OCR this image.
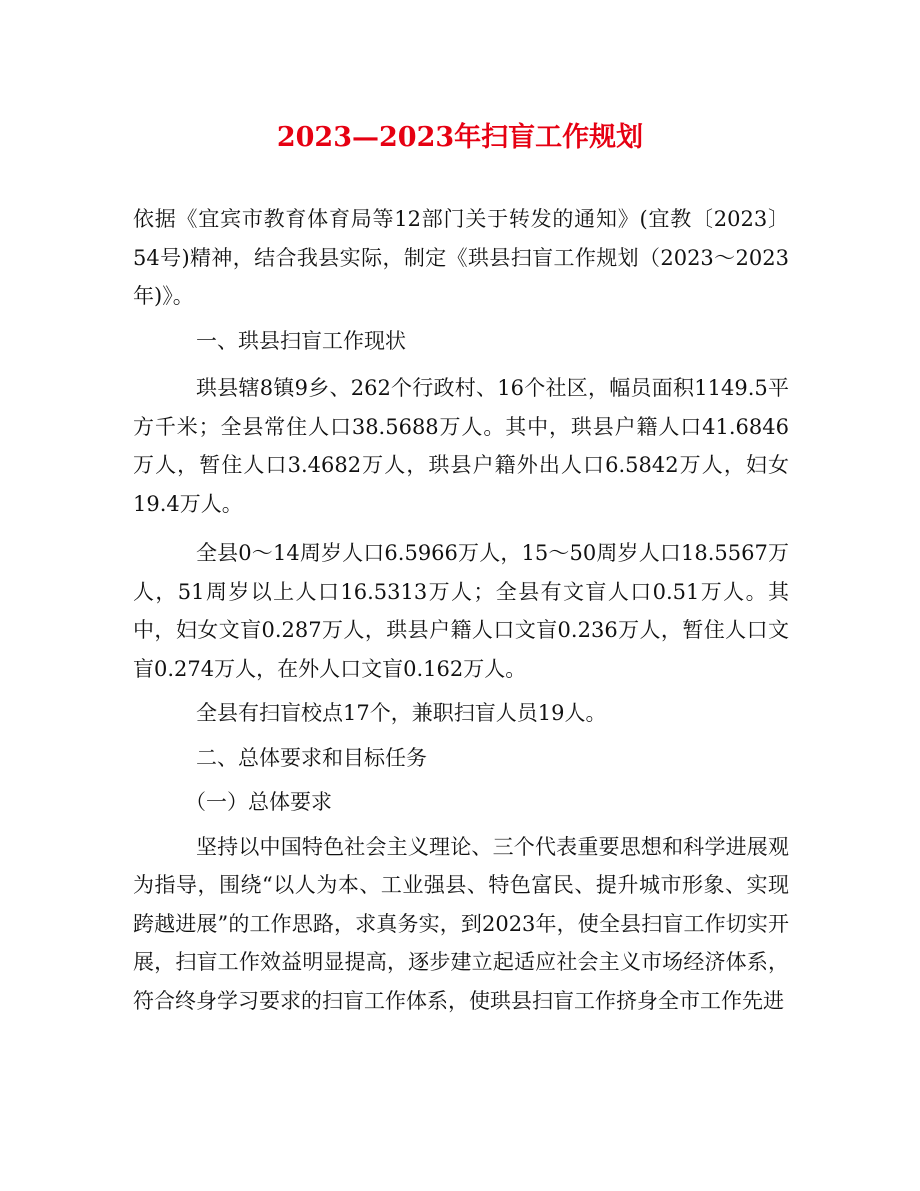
2023—2023年扫盲工作规划

依据《宜宾市教育体育局等12部门关于转发的通知》(宜教〔2023〕54号)精神，结合我县实际，制定《珙县扫盲工作规划（2023～2023年)》。

一、珙县扫盲工作现状

珙县辖8镇9乡、262个行政村、16个社区，幅员面积1149.5平方千米；全县常住人口38.5688万人。其中，珙县户籍人口41.6846万人，暂住人口3.4682万人，珙县户籍外出人口6.5842万人，妇女19.4万人。

全县0～14周岁人口6.5966万人，15～50周岁人口18.5567万人，51周岁以上人口16.5313万人；全县有文盲人口0.51万人。其中，妇女文盲0.287万人，珙县户籍人口文盲0.236万人，暂住人口文盲0.274万人，在外人口文盲0.162万人。

全县有扫盲校点17个，兼职扫盲人员19人。

二、总体要求和目标任务

（一）总体要求

坚持以中国特色社会主义理论、三个代表重要思想和科学进展观为指导，围绕“以人为本、工业强县、特色富民、提升城市形象、实现跨越进展”的工作思路，求真务实，到2023年，使全县扫盲工作切实开展，扫盲工作效益明显提高，逐步建立起适应社会主义市场经济体系，符合终身学习要求的扫盲工作体系，使珙县扫盲工作挤身全市工作先进
